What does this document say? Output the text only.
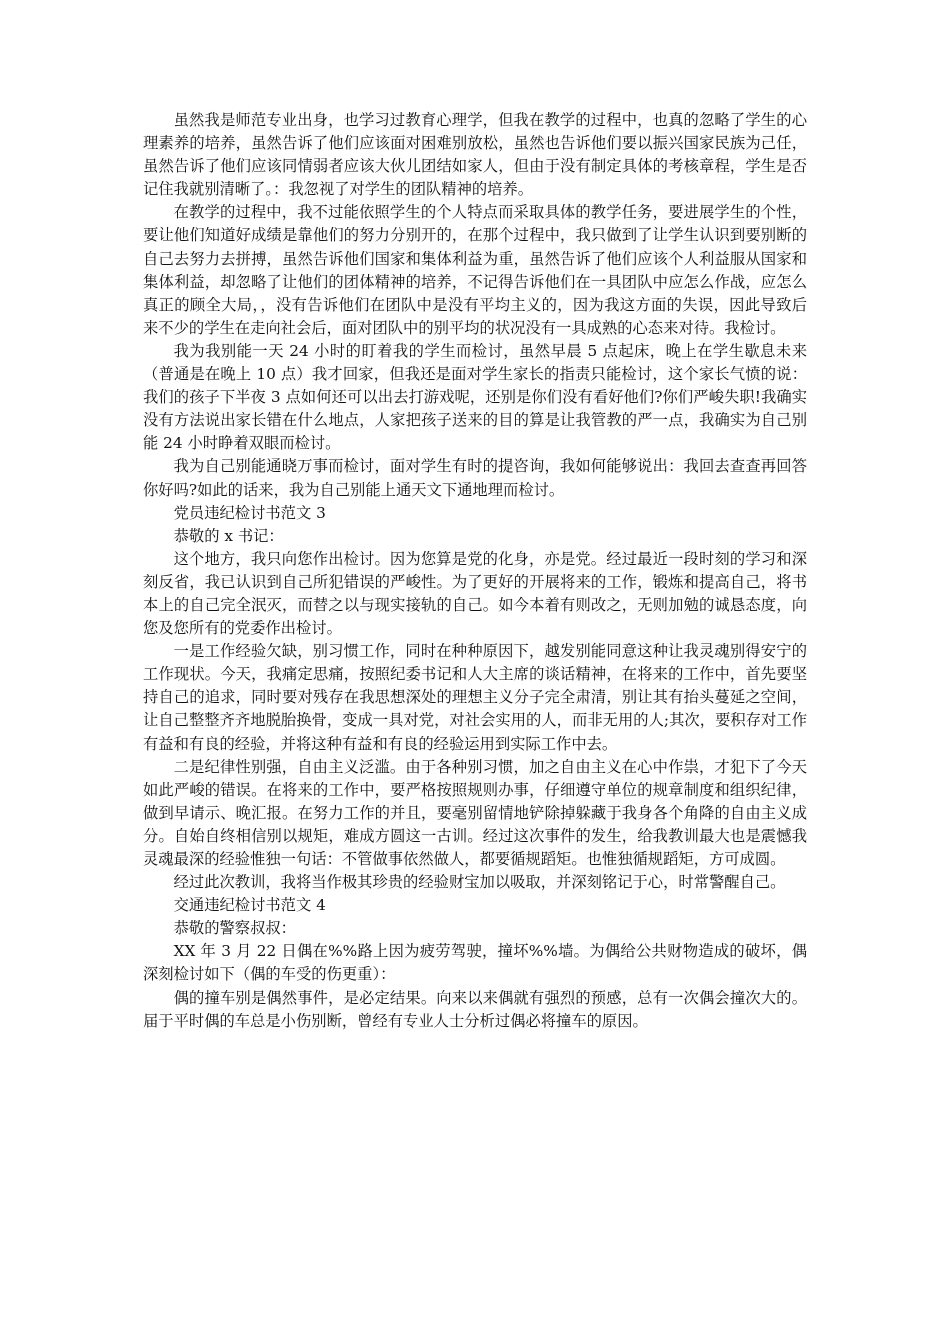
虽然我是师范专业出身，也学习过教育心理学，但我在教学的过程中，也真的忽略了学生的心理素养的培养，虽然告诉了他们应该面对困难别放松，虽然也告诉他们要以振兴国家民族为己任，虽然告诉了他们应该同情弱者应该大伙儿团结如家人，但由于没有制定具体的考核章程，学生是否记住我就别清晰了。：我忽视了对学生的团队精神的培养。

在教学的过程中，我不过能依照学生的个人特点而采取具体的教学任务，要进展学生的个性，要让他们知道好成绩是靠他们的努力分别开的，在那个过程中，我只做到了让学生认识到要别断的自己去努力去拼搏，虽然告诉他们国家和集体利益为重，虽然告诉了他们应该个人利益服从国家和集体利益，却忽略了让他们的团体精神的培养，不记得告诉他们在一具团队中应怎么作战，应怎么真正的顾全大局，，没有告诉他们在团队中是没有平均主义的，因为我这方面的失误，因此导致后来不少的学生在走向社会后，面对团队中的别平均的状况没有一具成熟的心态来对待。我检讨。

我为我别能一天 24 小时的盯着我的学生而检讨，虽然早晨 5 点起床，晚上在学生歇息未来（普通是在晚上 10 点）我才回家，但我还是面对学生家长的指责只能检讨，这个家长气愤的说：我们的孩子下半夜 3 点如何还可以出去打游戏呢，还别是你们没有看好他们?你们严峻失职!我确实没有方法说出家长错在什么地点，人家把孩子送来的目的算是让我管教的严一点，我确实为自己别能 24 小时睁着双眼而检讨。

我为自己别能通晓万事而检讨，面对学生有时的提咨询，我如何能够说出：我回去查查再回答你好吗?如此的话来，我为自己别能上通天文下通地理而检讨。

党员违纪检讨书范文 3

恭敬的 x 书记：

这个地方，我只向您作出检讨。因为您算是党的化身，亦是党。经过最近一段时刻的学习和深刻反省，我已认识到自己所犯错误的严峻性。为了更好的开展将来的工作，锻炼和提高自己，将书本上的自己完全泯灭，而替之以与现实接轨的自己。如今本着有则改之，无则加勉的诚恳态度，向您及您所有的党委作出检讨。

一是工作经验欠缺，别习惯工作，同时在种种原因下，越发别能同意这种让我灵魂别得安宁的工作现状。今天，我痛定思痛，按照纪委书记和人大主席的谈话精神，在将来的工作中，首先要坚持自己的追求，同时要对残存在我思想深处的理想主义分子完全肃清，别让其有抬头蔓延之空间，让自己整整齐齐地脱胎换骨，变成一具对党，对社会实用的人，而非无用的人;其次，要积存对工作有益和有良的经验，并将这种有益和有良的经验运用到实际工作中去。

二是纪律性别强，自由主义泛滥。由于各种别习惯，加之自由主义在心中作祟，才犯下了今天如此严峻的错误。在将来的工作中，要严格按照规则办事，仔细遵守单位的规章制度和组织纪律，做到早请示、晚汇报。在努力工作的并且，要毫别留情地铲除掉躲藏于我身各个角降的自由主义成分。自始自终相信别以规矩，难成方圆这一古训。经过这次事件的发生，给我教训最大也是震憾我灵魂最深的经验惟独一句话：不管做事依然做人，都要循规蹈矩。也惟独循规蹈矩，方可成圆。

经过此次教训，我将当作极其珍贵的经验财宝加以吸取，并深刻铭记于心，时常警醒自己。

交通违纪检讨书范文 4

恭敬的警察叔叔：

XX 年 3 月 22 日偶在%%路上因为疲劳驾驶，撞坏%%墙。为偶给公共财物造成的破坏，偶深刻检讨如下（偶的车受的伤更重）：

偶的撞车别是偶然事件，是必定结果。向来以来偶就有强烈的预感，总有一次偶会撞次大的。届于平时偶的车总是小伤别断，曾经有专业人士分析过偶必将撞车的原因。
